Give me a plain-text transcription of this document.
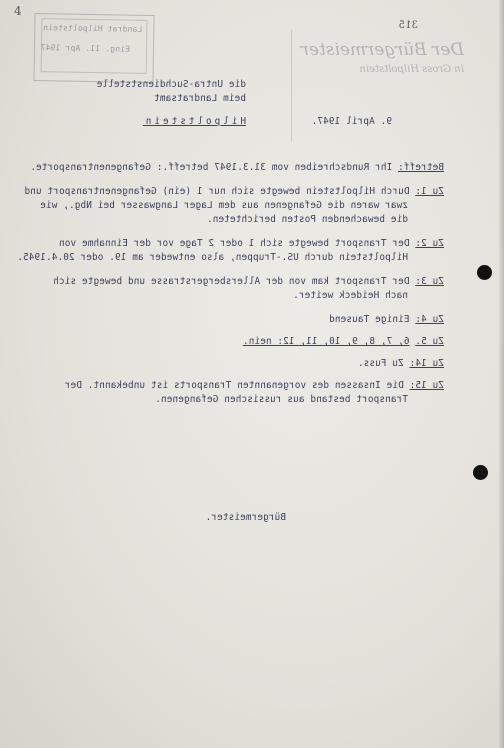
4
315
Der Bürgermeister
in Gross Hilpoltstein
Landrat Hilpoltstein
Eing. 11. Apr 1947
die Untra-Suchdienststelle
beim Landratsamt
Hilpoltstein	9. April 1947.
Betreff: Ihr Rundschreiben vom 31.3.1947 betreff.: Gefangenentransporte.
Zu 1: Durch Hilpoltstein bewegte sich nur 1 (ein) Gefangenentransport und
zwar waren die Gefangenen aus dem Lager Langwasser bei Nbg., wie
die bewachenden Posten berichteten.
Zu 2: Der Transport bewegte sich 1 oder 2 Tage vor der Einnahme von
Hilpoltstein durch US.-Truppen, also entweder am 19. oder 20.4.1945.
Zu 3: Der Transport kam von der Allersbergerstrasse und bewegte sich
nach Heideck weiter.
Zu 4: Einige Tausend
Zu 5. 6, 7, 8, 9, 10, 11, 12: nein.
Zu 14: Zu Fuss.
Zu 15: Die Insassen des vorgenannten Transports ist unbekannt. Der
Transport bestand aus russischen Gefangenen.
Bürgermeister.
